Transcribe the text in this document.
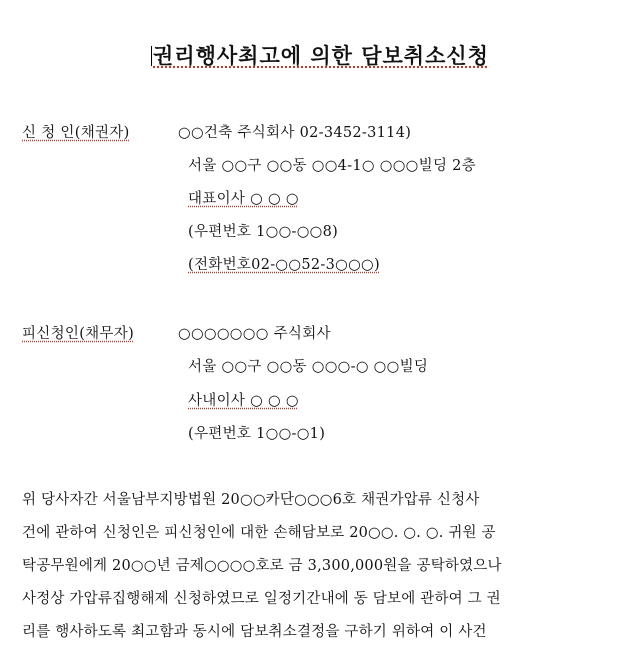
권리행사최고에 의한 담보취소신청
신 청 인(채권자)	○○건축 주식회사 02-3452-3114)
서울 ○○구 ○○동 ○○4-1○ ○○○빌딩 2층
대표이사 ○ ○ ○
(우편번호 1○○-○○8)
(전화번호02-○○52-3○○○)
피신청인(채무자)	○○○○○○○ 주식회사
서울 ○○구 ○○동 ○○○-○ ○○빌딩
사내이사 ○ ○ ○
(우편번호 1○○-○1)
위 당사자간 서울남부지방법원 20○○카단○○○6호 채권가압류 신청사
건에 관하여 신청인은 피신청인에 대한 손해담보로 20○○. ○. ○. 귀원 공
탁공무원에게 20○○년 금제○○○○호로 금 3,300,000원을 공탁하였으나
사정상 가압류집행해제 신청하였므로 일정기간내에 동 담보에 관하여 그 권
리를 행사하도록 최고함과 동시에 담보취소결정을 구하기 위하여 이 사건
